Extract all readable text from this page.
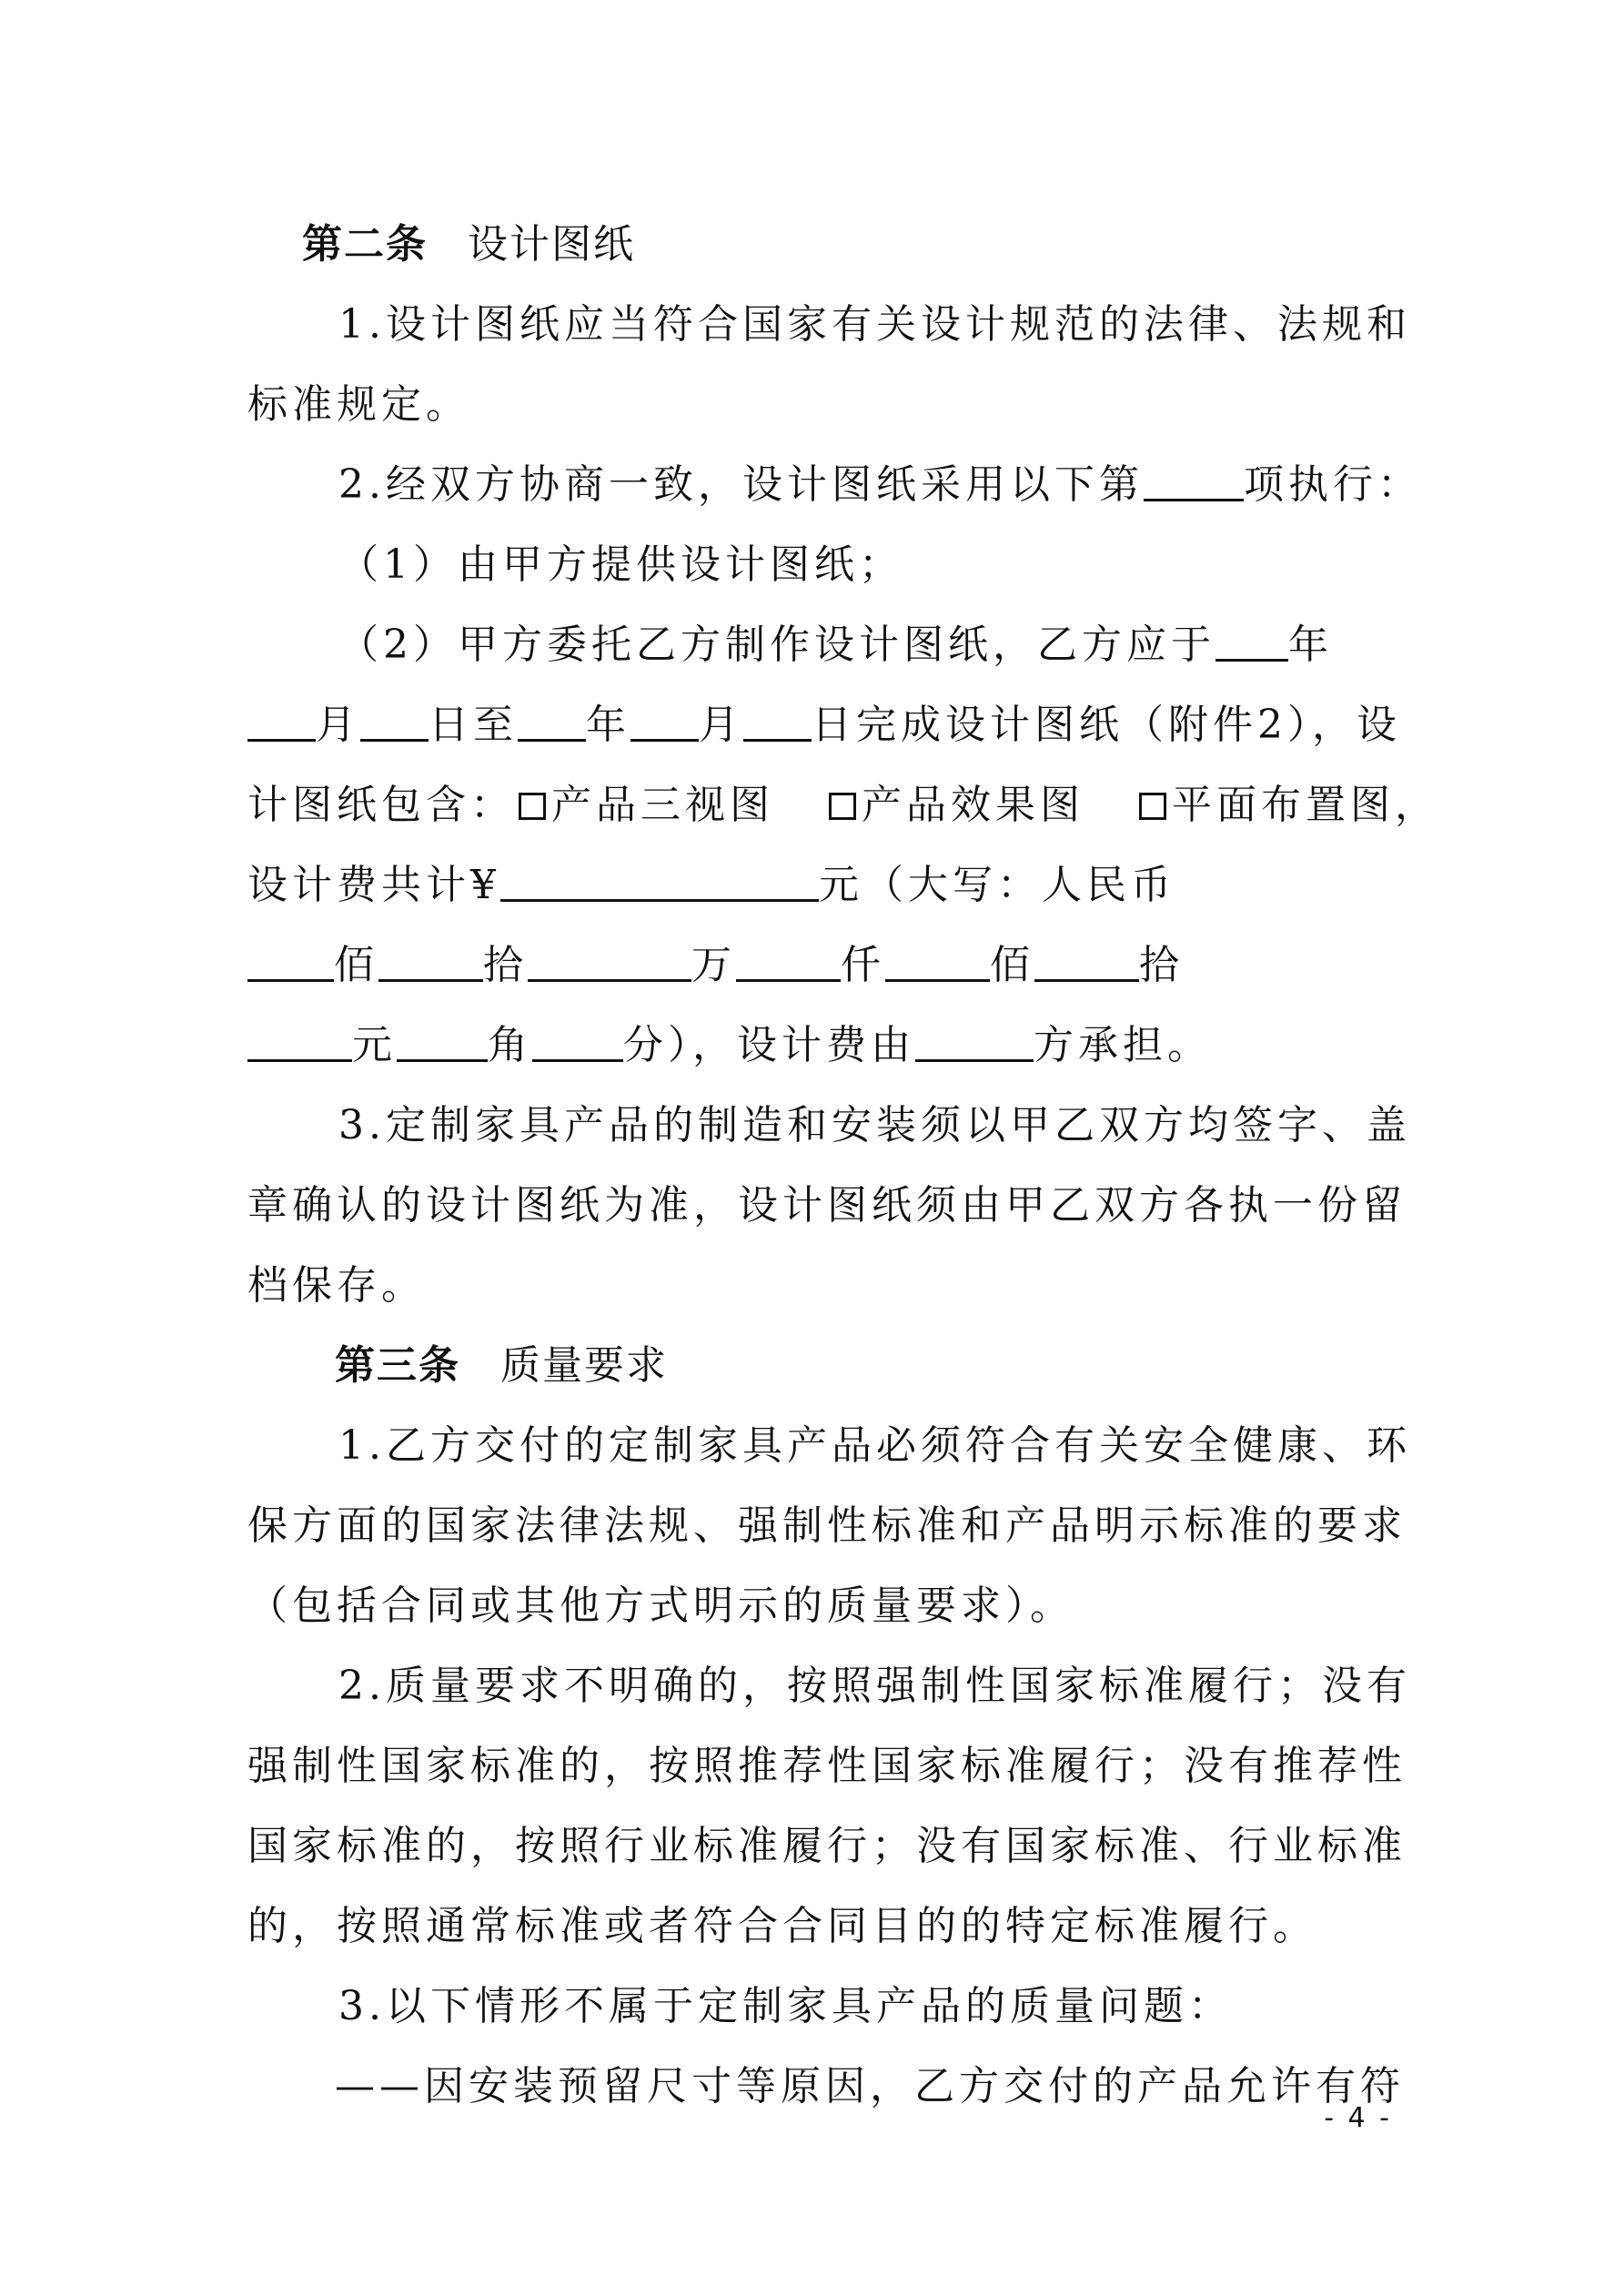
第二条 设计图纸
1.设计图纸应当符合国家有关设计规范的法律、法规和
标准规定。
2.经双方协商一致，设计图纸采用以下第	项执行：
（1）由甲方提供设计图纸；
（2）甲方委托乙方制作设计图纸，乙方应于 年
月 日至 年 月 日完成设计图纸（附件2），设
计图纸包含： 产品三视图 产品效果图 平面布置图，
设计费共计¥	元（大写：人民币
佰	拾	万	仟	佰	拾
元 角 分），设计费由	方承担。
3.定制家具产品的制造和安装须以甲乙双方均签字、盖
章确认的设计图纸为准，设计图纸须由甲乙双方各执一份留
档保存。
第三条 质量要求
1.乙方交付的定制家具产品必须符合有关安全健康、环
保方面的国家法律法规、强制性标准和产品明示标准的要求
（包括合同或其他方式明示的质量要求）。
2.质量要求不明确的，按照强制性国家标准履行；没有
强制性国家标准的，按照推荐性国家标准履行；没有推荐性
国家标准的，按照行业标准履行；没有国家标准、行业标准
的，按照通常标准或者符合合同目的的特定标准履行。
3.以下情形不属于定制家具产品的质量问题：
——因安装预留尺寸等原因，乙方交付的产品允许有符
- 4 -
